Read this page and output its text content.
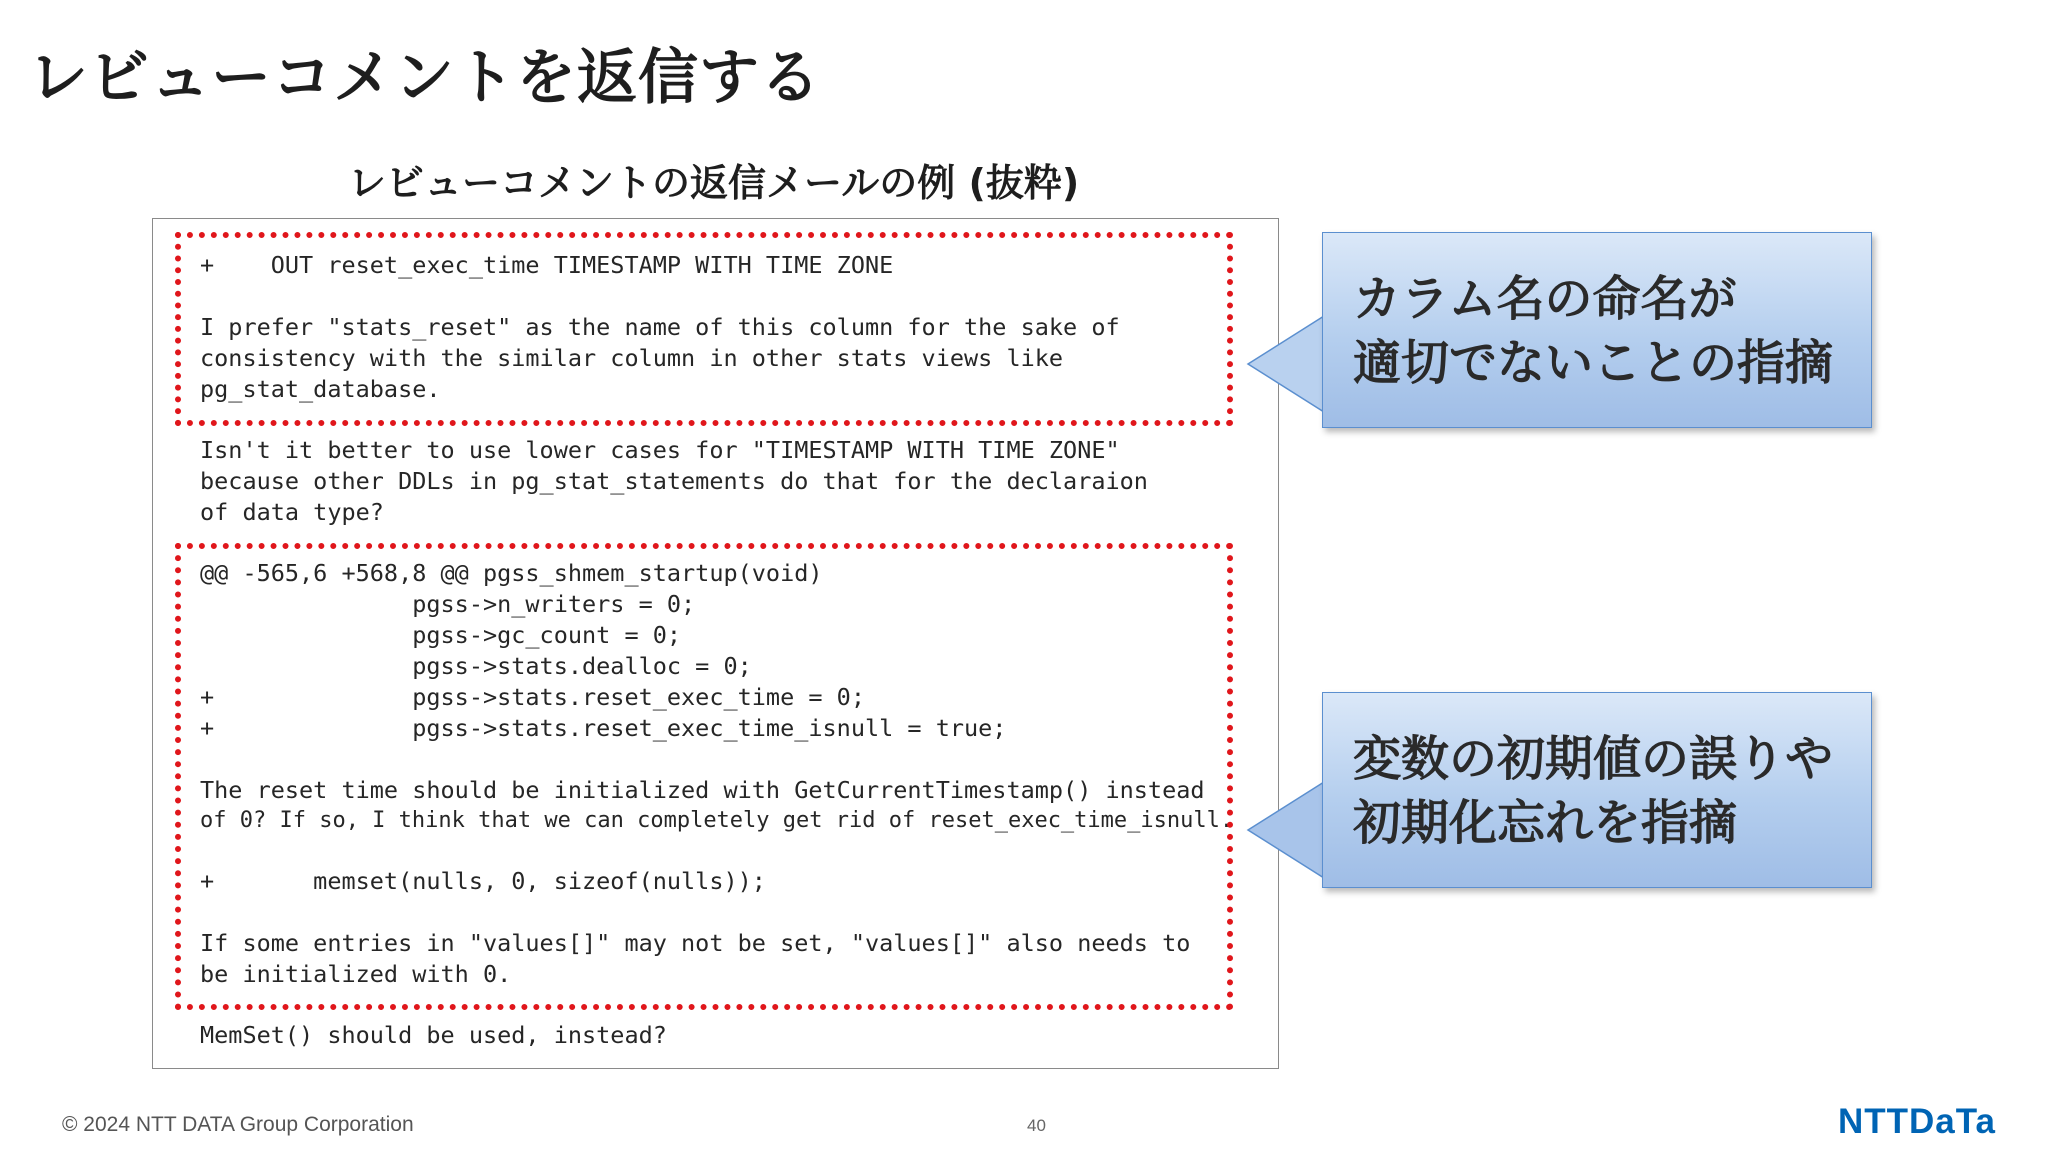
レビューコメントを返信する
レビューコメントの返信メールの例 (抜粋)
+    OUT reset_exec_time TIMESTAMP WITH TIME ZONE
I prefer "stats_reset" as the name of this column for the sake of
consistency with the similar column in other stats views like
pg_stat_database.
Isn't it better to use lower cases for "TIMESTAMP WITH TIME ZONE"
because other DDLs in pg_stat_statements do that for the declaraion
of data type?
@@ -565,6 +568,8 @@ pgss_shmem_startup(void)
pgss->n_writers = 0;
pgss->gc_count = 0;
pgss->stats.dealloc = 0;
+              pgss->stats.reset_exec_time = 0;
+              pgss->stats.reset_exec_time_isnull = true;
The reset time should be initialized with GetCurrentTimestamp() instead
of 0? If so, I think that we can completely get rid of reset_exec_time_isnull.
+       memset(nulls, 0, sizeof(nulls));
If some entries in "values[]" may not be set, "values[]" also needs to
be initialized with 0.
MemSet() should be used, instead?
カラム名の命名が
適切でないことの指摘
変数の初期値の誤りや
初期化忘れを指摘
© 2024 NTT DATA Group Corporation	40	NTTDaTa
